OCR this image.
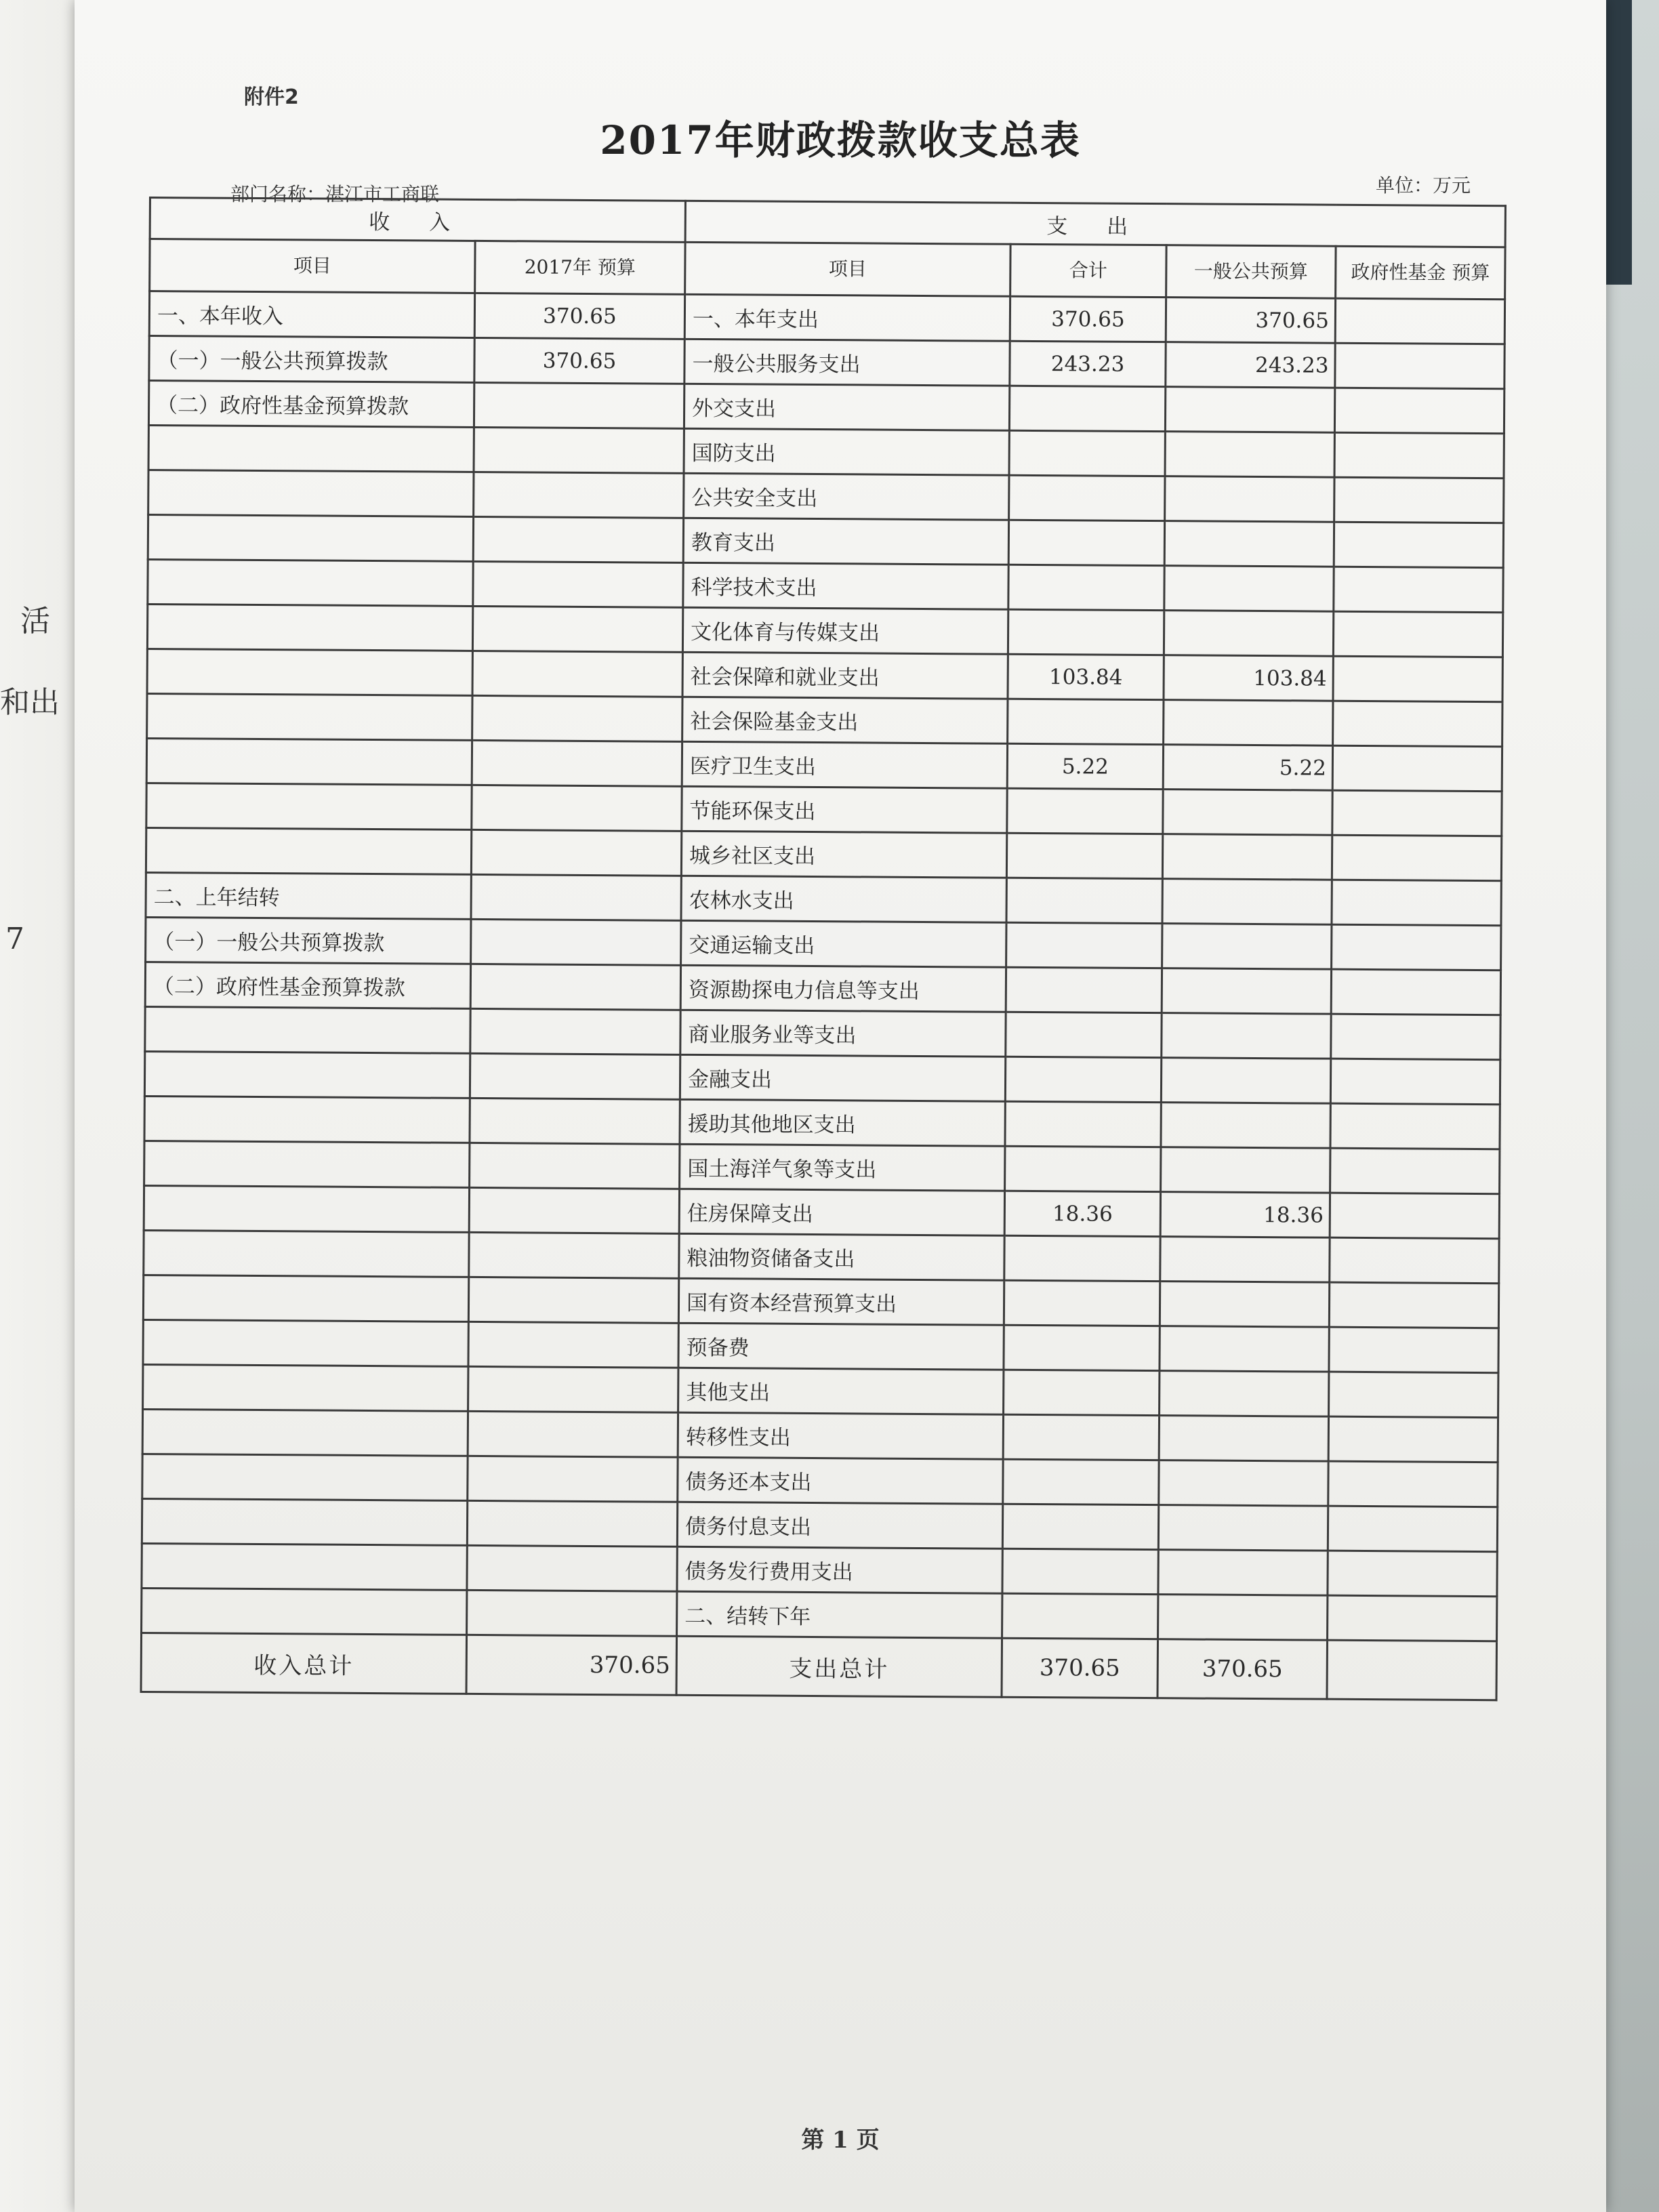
活
和出
7
附件2
2017年财政拨款收支总表
部门名称：湛江市工商联	单位：万元
收 入		支 出			
项目	2017年 预算	项目	合计	一般公共预算	政府性基金 预算
一、本年收入	370.65	一、本年支出	370.65	370.65	
（一）一般公共预算拨款	370.65	一般公共服务支出	243.23	243.23	
（二）政府性基金预算拨款		外交支出			
		国防支出			
		公共安全支出			
		教育支出			
		科学技术支出			
		文化体育与传媒支出			
		社会保障和就业支出	103.84	103.84	
		社会保险基金支出			
		医疗卫生支出	5.22	5.22	
		节能环保支出			
		城乡社区支出			
二、上年结转		农林水支出			
（一）一般公共预算拨款		交通运输支出			
（二）政府性基金预算拨款		资源勘探电力信息等支出			
		商业服务业等支出			
		金融支出			
		援助其他地区支出			
		国土海洋气象等支出			
		住房保障支出	18.36	18.36	
		粮油物资储备支出			
		国有资本经营预算支出			
		预备费			
		其他支出			
		转移性支出			
		债务还本支出			
		债务付息支出			
		债务发行费用支出			
		二、结转下年			
收入总计	370.65	支出总计	370.65	370.65	
第 1 页
